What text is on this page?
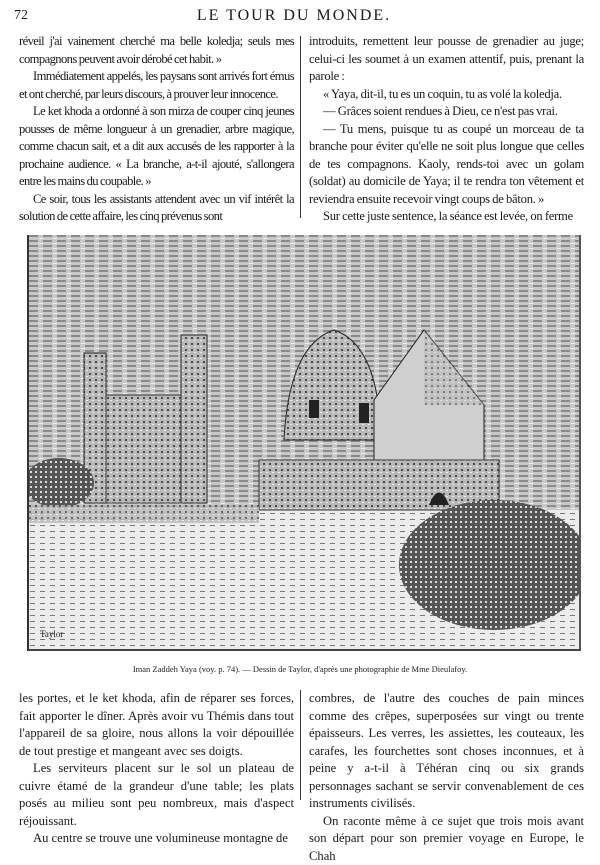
72	LE TOUR DU MONDE.

réveil j'ai vainement cherché ma belle koledja; seuls mes compagnons peuvent avoir dérobé cet habit. »

Immédiatement appelés, les paysans sont arrivés fort émus et ont cherché, par leurs discours, à prouver leur innocence.

Le ket khoda a ordonné à son mirza de couper cinq jeunes pousses de même longueur à un grenadier, arbre magique, comme chacun sait, et a dit aux accusés de les rapporter à la prochaine audience. « La branche, a-t-il ajouté, s'allongera entre les mains du coupable. »

Ce soir, tous les assistants attendent avec un vif intérêt la solution de cette affaire, les cinq prévenus sont

introduits, remettent leur pousse de grenadier au juge; celui-ci les soumet à un examen attentif, puis, prenant la parole :

« Yaya, dit-il, tu es un coquin, tu as volé la koledja.

— Grâces soient rendues à Dieu, ce n'est pas vrai.

— Tu mens, puisque tu as coupé un morceau de ta branche pour éviter qu'elle ne soit plus longue que celles de tes compagnons. Kaoly, rends-toi avec un golam (soldat) au domicile de Yaya; il te rendra ton vêtement et reviendra ensuite recevoir vingt coups de bâton. »

Sur cette juste sentence, la séance est levée, on ferme

Taylor
Iman Zaddeh Yaya (voy. p. 74). — Dessin de Taylor, d'après une photographie de Mme Dieulafoy.

les portes, et le ket khoda, afin de réparer ses forces, fait apporter le dîner. Après avoir vu Thémis dans tout l'appareil de sa gloire, nous allons la voir dépouillée de tout prestige et mangeant avec ses doigts.

Les serviteurs placent sur le sol un plateau de cuivre étamé de la grandeur d'une table; les plats posés au milieu sont peu nombreux, mais d'aspect réjouissant.

Au centre se trouve une volumineuse montagne de

combres, de l'autre des couches de pain minces comme des crêpes, superposées sur vingt ou trente épaisseurs. Les verres, les assiettes, les couteaux, les carafes, les fourchettes sont choses inconnues, et à peine y a-t-il à Téhéran cinq ou six grands personnages sachant se servir convenablement de ces instruments civilisés.

On raconte même à ce sujet que trois mois avant son départ pour son premier voyage en Europe, le Chah
